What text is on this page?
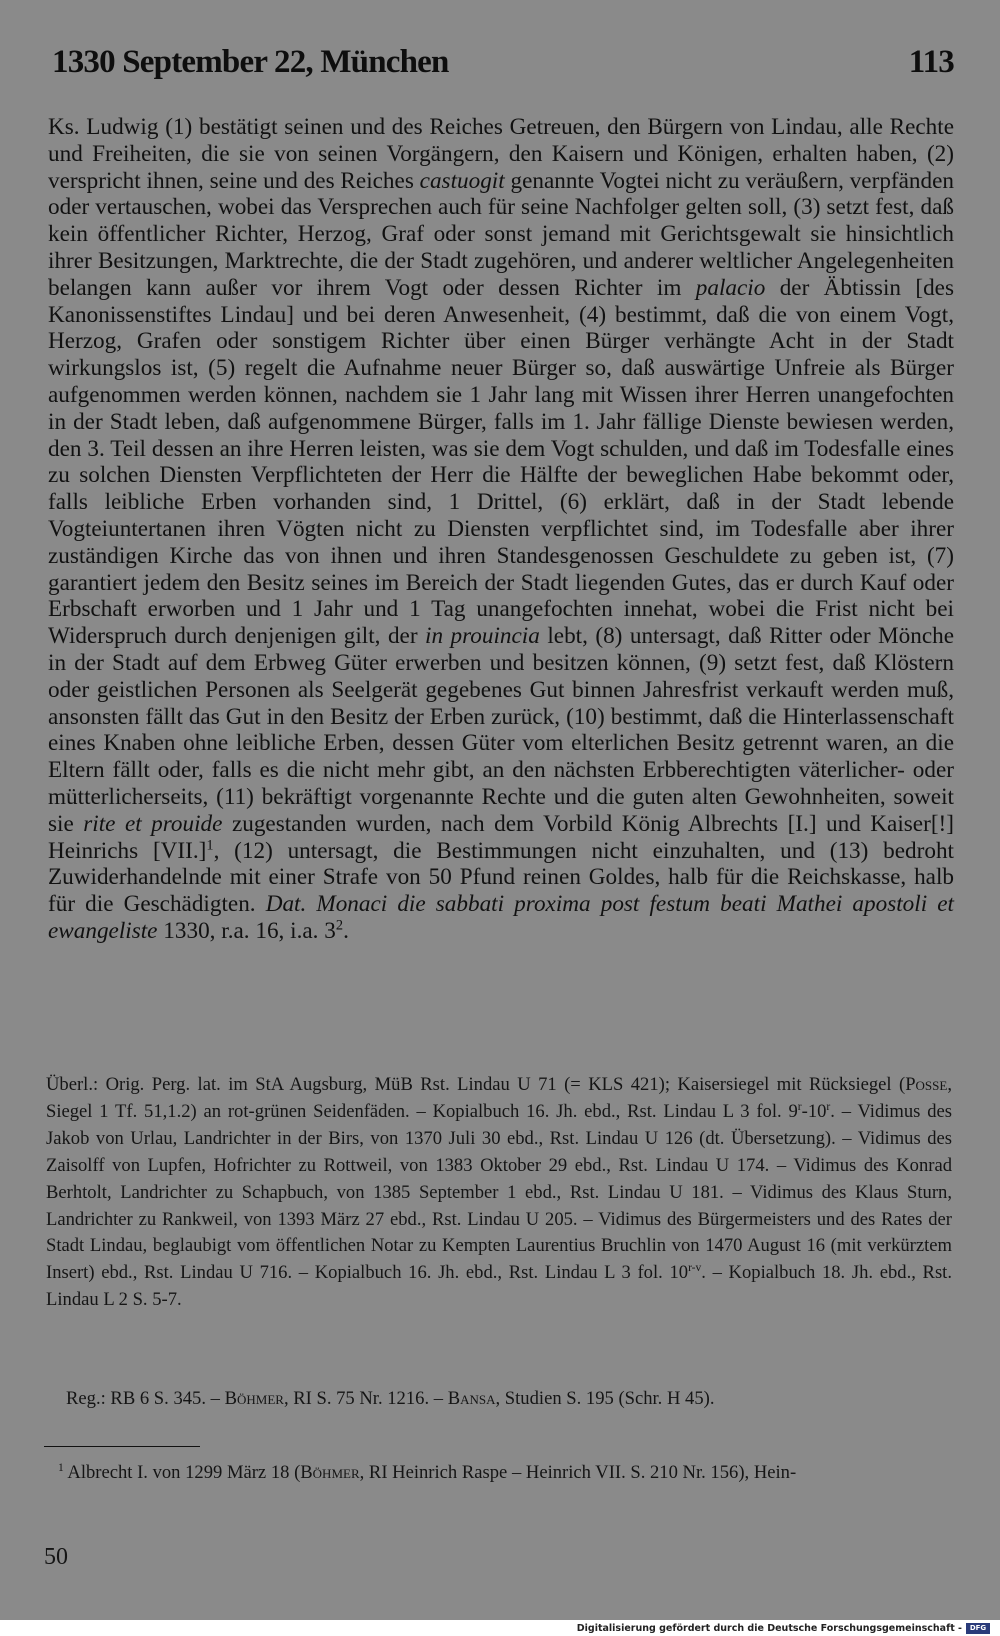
1330 September 22, München	113

Ks. Ludwig (1) bestätigt seinen und des Reiches Getreuen, den Bürgern von Lindau, alle Rechte und Freiheiten, die sie von seinen Vorgängern, den Kaisern und Königen, erhalten haben, (2) verspricht ihnen, seine und des Reiches castuogit genannte Vogtei nicht zu veräußern, verpfänden oder vertauschen, wobei das Versprechen auch für seine Nachfolger gelten soll, (3) setzt fest, daß kein öffentlicher Richter, Herzog, Graf oder sonst jemand mit Gerichtsgewalt sie hinsichtlich ihrer Besitzungen, Marktrechte, die der Stadt zugehören, und anderer weltlicher Angelegenheiten belangen kann außer vor ihrem Vogt oder dessen Richter im palacio der Äbtissin [des Kanonissenstiftes Lindau] und bei deren Anwesenheit, (4) bestimmt, daß die von einem Vogt, Herzog, Grafen oder sonstigem Richter über einen Bürger verhängte Acht in der Stadt wirkungslos ist, (5) regelt die Aufnahme neuer Bürger so, daß auswärtige Unfreie als Bürger aufgenommen werden können, nachdem sie 1 Jahr lang mit Wissen ihrer Herren unangefochten in der Stadt leben, daß aufgenommene Bürger, falls im 1. Jahr fällige Dienste bewiesen werden, den 3. Teil dessen an ihre Herren leisten, was sie dem Vogt schulden, und daß im Todesfalle eines zu solchen Diensten Verpflichteten der Herr die Hälfte der beweglichen Habe bekommt oder, falls leibliche Erben vorhanden sind, 1 Drittel, (6) erklärt, daß in der Stadt lebende Vogteiuntertanen ihren Vögten nicht zu Diensten verpflichtet sind, im Todesfalle aber ihrer zuständigen Kirche das von ihnen und ihren Standesgenossen Geschuldete zu geben ist, (7) garantiert jedem den Besitz seines im Bereich der Stadt liegenden Gutes, das er durch Kauf oder Erbschaft erworben und 1 Jahr und 1 Tag unangefochten innehat, wobei die Frist nicht bei Widerspruch durch denjenigen gilt, der in prouincia lebt, (8) untersagt, daß Ritter oder Mönche in der Stadt auf dem Erbweg Güter erwerben und besitzen können, (9) setzt fest, daß Klöstern oder geistlichen Personen als Seelgerät gegebenes Gut binnen Jahresfrist verkauft werden muß, ansonsten fällt das Gut in den Besitz der Erben zurück, (10) bestimmt, daß die Hinterlassenschaft eines Knaben ohne leibliche Erben, dessen Güter vom elterlichen Besitz getrennt waren, an die Eltern fällt oder, falls es die nicht mehr gibt, an den nächsten Erbberechtigten väterlicher- oder mütterlicherseits, (11) bekräftigt vorgenannte Rechte und die guten alten Gewohnheiten, soweit sie rite et prouide zugestanden wurden, nach dem Vorbild König Albrechts [I.] und Kaiser[!] Heinrichs $[VII.]^1$, (12) untersagt, die Bestimmungen nicht einzuhalten, und (13) bedroht Zuwiderhandelnde mit einer Strafe von 50 Pfund reinen Goldes, halb für die Reichskasse, halb für die Geschädigten. Dat. Monaci die sabbati proxima post festum beati Mathei apostoli et ewangeliste 1330, r.a. 16, i.a. $3^2$.

Überl.: Orig. Perg. lat. im StA Augsburg, MüB Rst. Lindau U 71 (= KLS 421); Kaisersiegel mit Rücksiegel (Posse, Siegel 1 Tf. 51,1.2) an rot-grünen Seidenfäden. – Kopialbuch 16. Jh. ebd., Rst. Lindau L 3 fol. 9$^r$-10$^r$. – Vidimus des Jakob von Urlau, Landrichter in der Birs, von 1370 Juli 30 ebd., Rst. Lindau U 126 (dt. Übersetzung). – Vidimus des Zaisolff von Lupfen, Hofrichter zu Rottweil, von 1383 Oktober 29 ebd., Rst. Lindau U 174. – Vidimus des Konrad Berhtolt, Landrichter zu Schapbuch, von 1385 September 1 ebd., Rst. Lindau U 181. – Vidimus des Klaus Sturn, Landrichter zu Rankweil, von 1393 März 27 ebd., Rst. Lindau U 205. – Vidimus des Bürgermeisters und des Rates der Stadt Lindau, beglaubigt vom öffentlichen Notar zu Kempten Laurentius Bruchlin von 1470 August 16 (mit verkürztem Insert) ebd., Rst. Lindau U 716. – Kopialbuch 16. Jh. ebd., Rst. Lindau L 3 fol. 10$^{r-v}$. – Kopialbuch 18. Jh. ebd., Rst. Lindau L 2 S. 5-7.

Reg.: RB 6 S. 345. – Böhmer, RI S. 75 Nr. 1216. – Bansa, Studien S. 195 (Schr. H 45).
$^1$ Albrecht I. von 1299 März 18 (Böhmer, RI Heinrich Raspe – Heinrich VII. S. 210 Nr. 156), Hein-
50
Digitalisierung gefördert durch die Deutsche Forschungsgemeinschaft -	DFG
